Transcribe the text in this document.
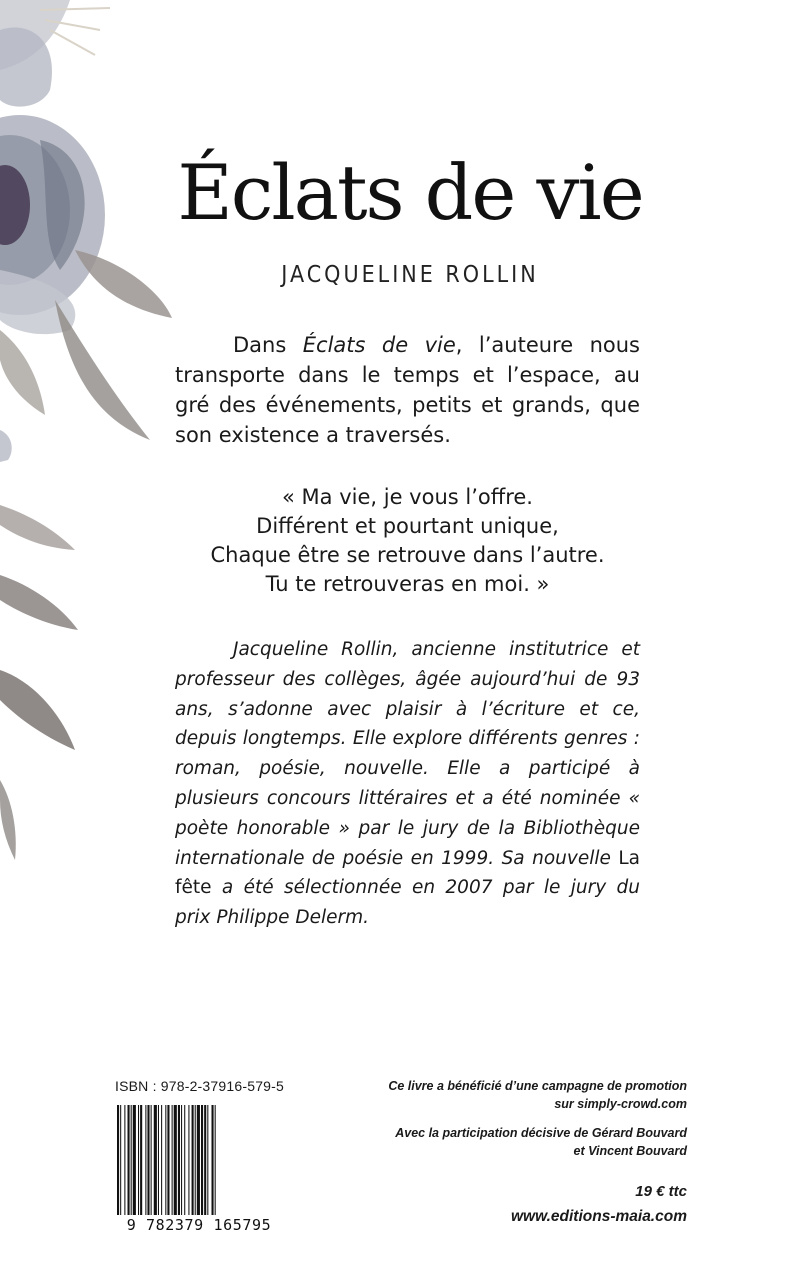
Éclats de vie
JACQUELINE ROLLIN

Dans Éclats de vie, l’auteure nous transporte dans le temps et l’espace, au gré des événements, petits et grands, que son existence a traversés.

« Ma vie, je vous l’offre.
Différent et pourtant unique,
Chaque être se retrouve dans l’autre.
Tu te retrouveras en moi. »

Jacqueline Rollin, ancienne institutrice et professeur des collèges, âgée aujourd’hui de 93 ans, s’adonne avec plaisir à l’écriture et ce, depuis longtemps. Elle explore différents genres : roman, poésie, nouvelle. Elle a participé à plusieurs concours littéraires et a été nominée « poète honorable » par le jury de la Bibliothèque internationale de poésie en 1999. Sa nouvelle La fête a été sélectionnée en 2007 par le jury du prix Philippe Delerm.

ISBN : 978-2-37916-579-5
9 782379 165795
Ce livre a bénéficié d’une campagne de promotion
sur simply-crowd.com
Avec la participation décisive de Gérard Bouvard
et Vincent Bouvard
19 € ttc
www.editions-maia.com
